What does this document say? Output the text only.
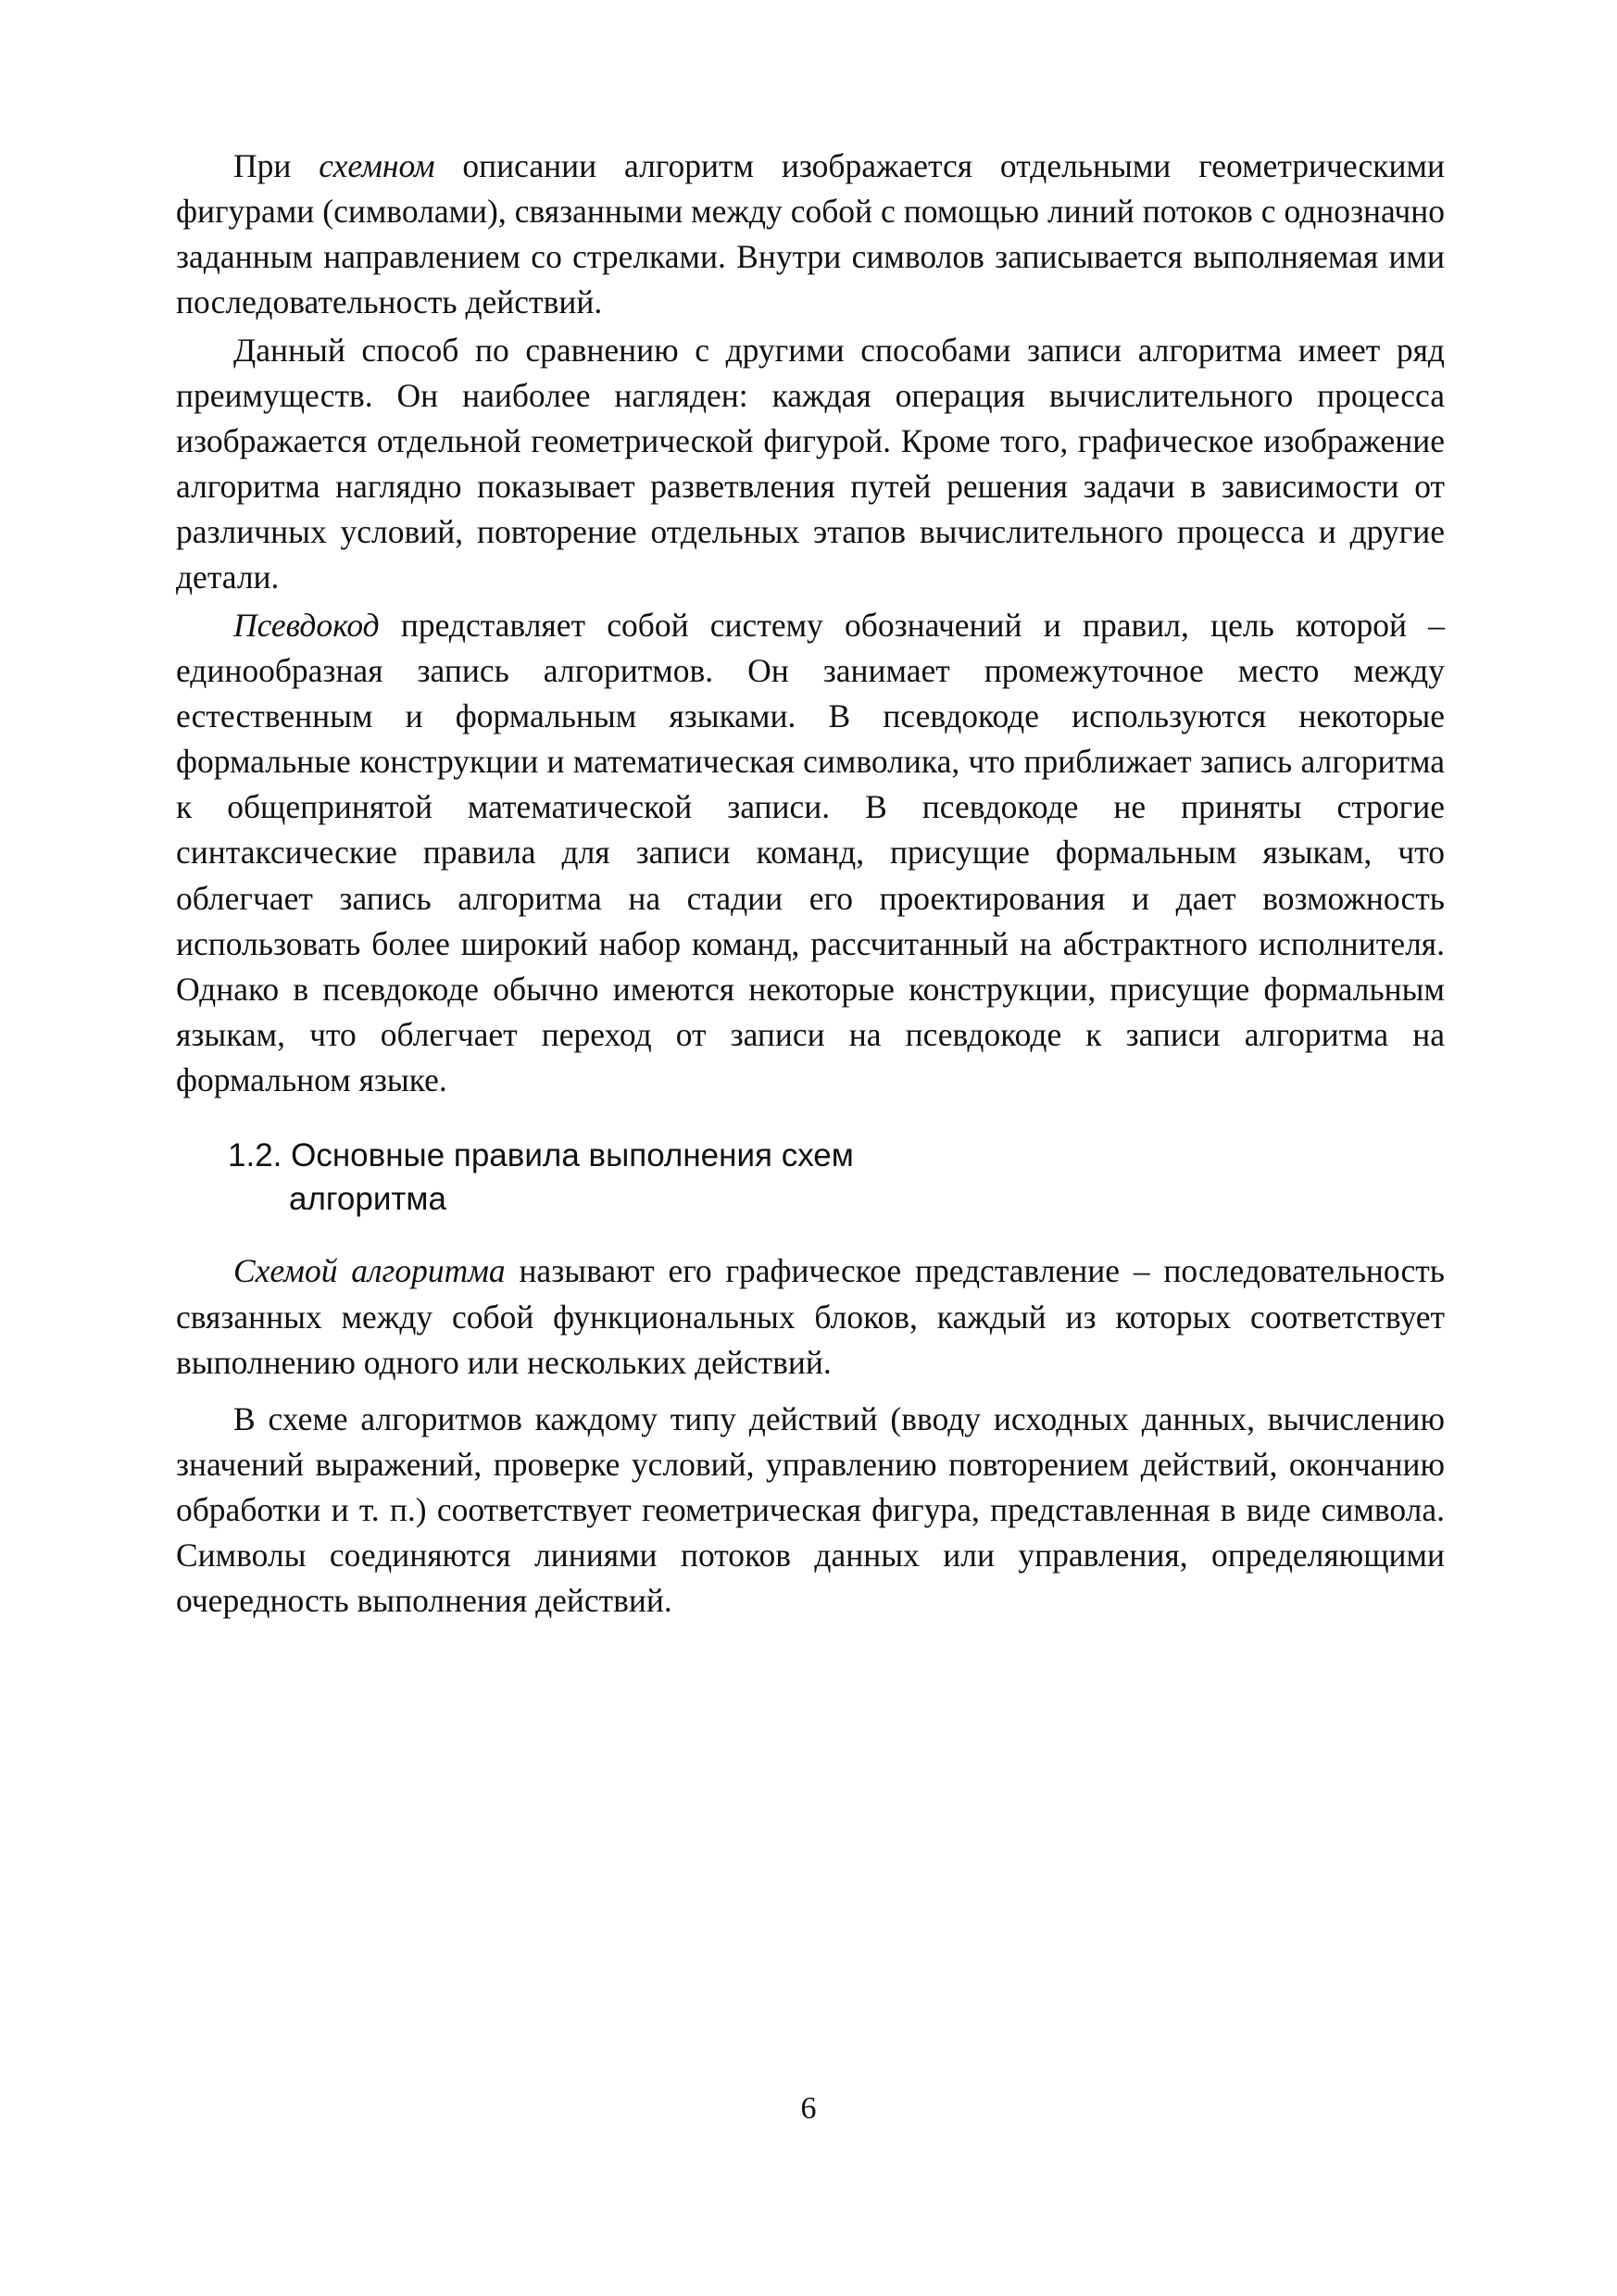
При схемном описании алгоритм изображается отдельными геометрическими фигурами (символами), связанными между собой с помощью линий потоков с однозначно заданным направлением со стрелками. Внутри символов записывается выполняемая ими последовательность действий.

Данный способ по сравнению с другими способами записи алгоритма имеет ряд преимуществ. Он наиболее нагляден: каждая операция вычислительного процесса изображается отдельной геометрической фигурой. Кроме того, графическое изображение алгоритма наглядно показывает разветвления путей решения задачи в зависимости от различных условий, повторение отдельных этапов вычислительного процесса и другие детали.

Псевдокод представляет собой систему обозначений и правил, цель которой – единообразная запись алгоритмов. Он занимает промежуточное место между естественным и формальным языками. В псевдокоде используются некоторые формальные конструкции и математическая символика, что приближает запись алгоритма к общепринятой математической записи. В псевдокоде не приняты строгие синтаксические правила для записи команд, присущие формальным языкам, что облегчает запись алгоритма на стадии его проектирования и дает возможность использовать более широкий набор команд, рассчитанный на абстрактного исполнителя. Однако в псевдокоде обычно имеются некоторые конструкции, присущие формальным языкам, что облегчает переход от записи на псевдокоде к записи алгоритма на формальном языке.

1.2. Основные правила выполнения схем
алгоритма

Схемой алгоритма называют его графическое представление – последовательность связанных между собой функциональных блоков, каждый из которых соответствует выполнению одного или нескольких действий.

В схеме алгоритмов каждому типу действий (вводу исходных данных, вычислению значений выражений, проверке условий, управлению повторением действий, окончанию обработки и т. п.) соответствует геометрическая фигура, представленная в виде символа. Символы соединяются линиями потоков данных или управления, определяющими очередность выполнения действий.

6
